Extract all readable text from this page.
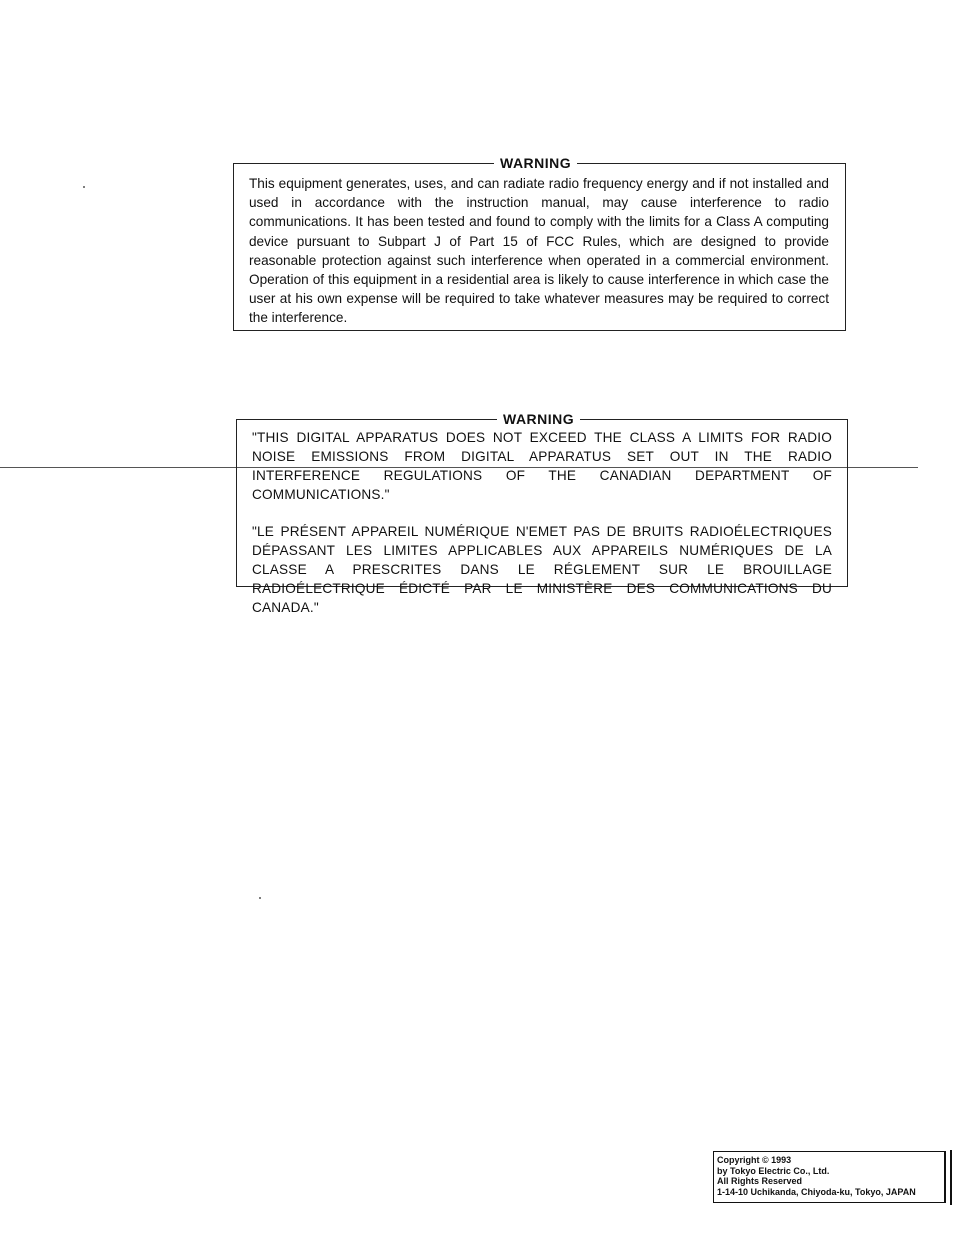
WARNING

This equipment generates, uses, and can radiate radio frequency energy and if not installed and used in accordance with the instruction manual, may cause interference to radio communications. It has been tested and found to comply with the limits for a Class A computing device pursuant to Subpart J of Part 15 of FCC Rules, which are designed to provide reasonable protection against such interference when operated in a commercial environment. Operation of this equipment in a residential area is likely to cause interference in which case the user at his own expense will be required to take whatever measures may be required to correct the interference.

WARNING

"THIS DIGITAL APPARATUS DOES NOT EXCEED THE CLASS A LIMITS FOR RADIO NOISE EMISSIONS FROM DIGITAL APPARATUS SET OUT IN THE RADIO INTERFERENCE REGULATIONS OF THE CANADIAN DEPARTMENT OF COMMUNICATIONS."

"LE PRÉSENT APPAREIL NUMÉRIQUE N'EMET PAS DE BRUITS RADIOÉLECTRIQUES DÉPASSANT LES LIMITES APPLICABLES AUX APPAREILS NUMÉRIQUES DE LA CLASSE A PRESCRITES DANS LE RÉGLEMENT SUR LE BROUILLAGE RADIOÉLECTRIQUE ÉDICTÉ PAR LE MINISTÈRE DES COMMUNICATIONS DU CANADA."

Copyright © 1993
by Tokyo Electric Co., Ltd.
All Rights Reserved
1-14-10 Uchikanda, Chiyoda-ku, Tokyo, JAPAN
